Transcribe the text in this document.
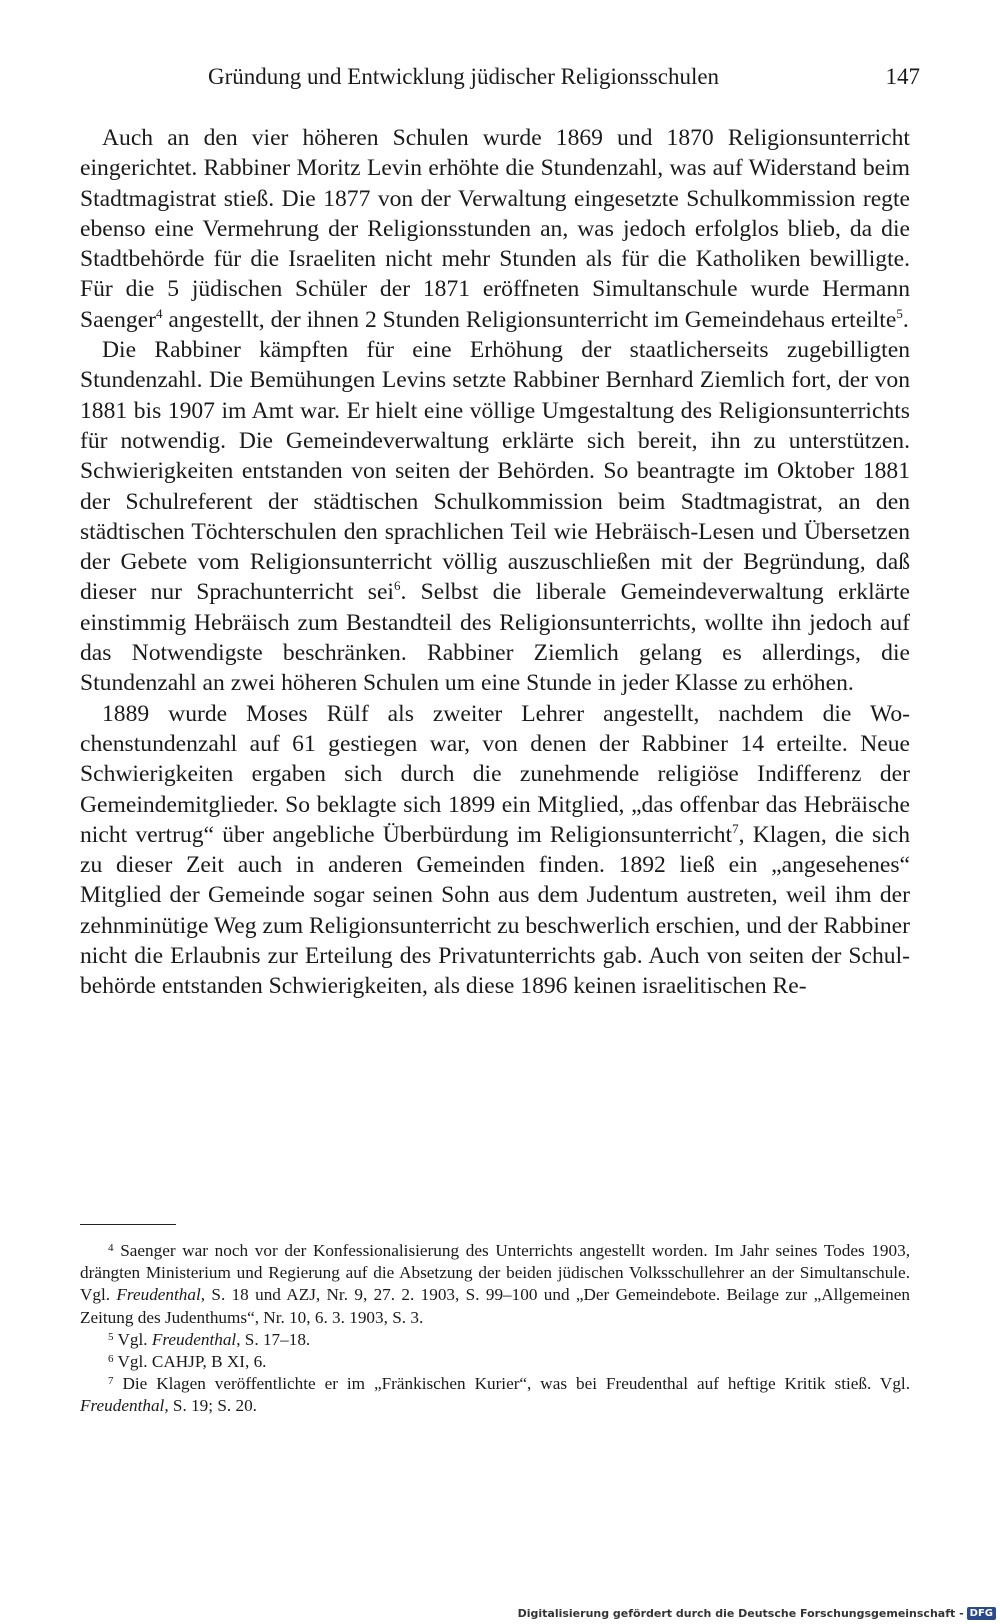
Gründung und Entwicklung jüdischer Religionsschulen	147

Auch an den vier höheren Schulen wurde 1869 und 1870 Religionsunterricht eingerichtet. Rabbiner Moritz Levin erhöhte die Stundenzahl, was auf Widerstand beim Stadtmagistrat stieß. Die 1877 von der Verwaltung eingesetzte Schulkommission regte ebenso eine Vermehrung der Religionsstunden an, was jedoch erfolglos blieb, da die Stadtbehörde für die Israeliten nicht mehr Stunden als für die Katholiken bewilligte. Für die 5 jüdischen Schüler der 1871 eröffneten Simultanschule wurde Hermann Saenger$^4$ angestellt, der ihnen 2 Stunden Religionsunterricht im Gemeindehaus erteilte$^5$.

Die Rabbiner kämpften für eine Erhöhung der staatlicherseits zugebilligten Stundenzahl. Die Bemühungen Levins setzte Rabbiner Bernhard Ziemlich fort, der von 1881 bis 1907 im Amt war. Er hielt eine völlige Umgestaltung des Religionsunterrichts für notwendig. Die Gemeindeverwaltung erklärte sich bereit, ihn zu unterstützen. Schwierigkeiten entstanden von seiten der Behörden. So beantragte im Oktober 1881 der Schulreferent der städtischen Schulkommission beim Stadtmagistrat, an den städtischen Töchterschulen den sprachlichen Teil wie Hebräisch-Lesen und Übersetzen der Gebete vom Religionsunterricht völlig auszuschließen mit der Begründung, daß dieser nur Sprachunterricht sei$^6$. Selbst die liberale Gemeindeverwaltung erklärte einstimmig Hebräisch zum Bestandteil des Religionsunterrichts, wollte ihn jedoch auf das Notwendigste beschränken. Rabbiner Ziemlich gelang es allerdings, die Stundenzahl an zwei höheren Schulen um eine Stunde in jeder Klasse zu erhöhen.

1889 wurde Moses Rülf als zweiter Lehrer angestellt, nachdem die Wochenstundenzahl auf 61 gestiegen war, von denen der Rabbiner 14 erteilte. Neue Schwierigkeiten ergaben sich durch die zunehmende religiöse Indifferenz der Gemeindemitglieder. So beklagte sich 1899 ein Mitglied, „das offenbar das Hebräische nicht vertrug“ über angebliche Überbürdung im Religionsunterricht$^7$, Klagen, die sich zu dieser Zeit auch in anderen Gemeinden finden. 1892 ließ ein „angesehenes“ Mitglied der Gemeinde sogar seinen Sohn aus dem Judentum austreten, weil ihm der zehnminütige Weg zum Religionsunterricht zu beschwerlich erschien, und der Rabbiner nicht die Erlaubnis zur Erteilung des Privatunterrichts gab. Auch von seiten der Schulbehörde entstanden Schwierigkeiten, als diese 1896 keinen israelitischen Re-

$^4$ Saenger war noch vor der Konfessionalisierung des Unterrichts angestellt worden. Im Jahr seines Todes 1903, drängten Ministerium und Regierung auf die Absetzung der beiden jüdischen Volksschullehrer an der Simultanschule. Vgl. Freudenthal, S. 18 und AZJ, Nr. 9, 27. 2. 1903, S. 99–100 und „Der Gemeindebote. Beilage zur „Allgemeinen Zeitung des Judenthums“, Nr. 10, 6. 3. 1903, S. 3.

$^5$ Vgl. Freudenthal, S. 17–18.

$^6$ Vgl. CAHJP, B XI, 6.

$^7$ Die Klagen veröffentlichte er im „Fränkischen Kurier“, was bei Freudenthal auf heftige Kritik stieß. Vgl. Freudenthal, S. 19; S. 20.

Digitalisierung gefördert durch die Deutsche Forschungsgemeinschaft - DFG
